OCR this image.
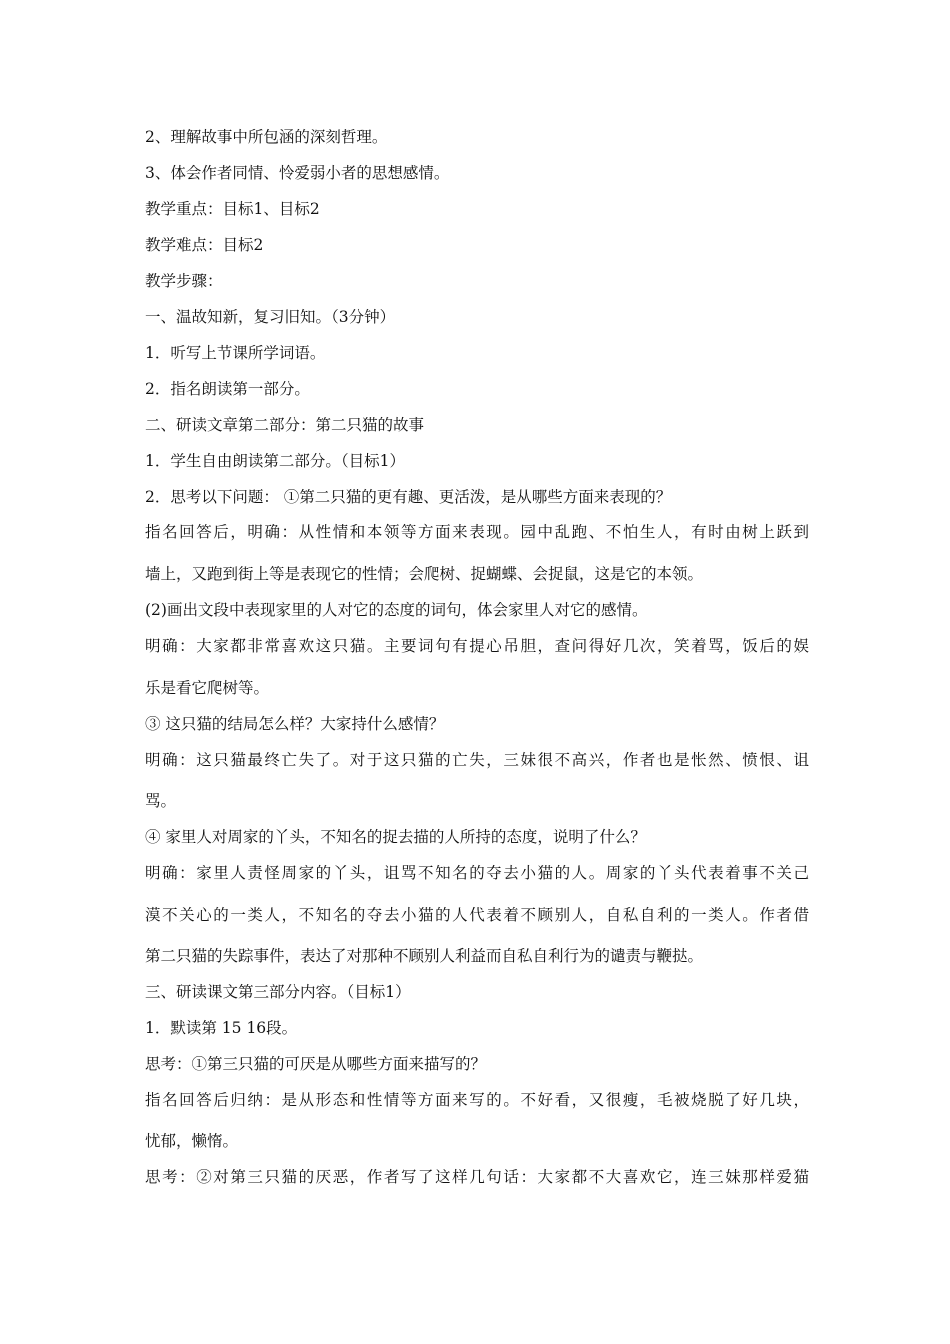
2、理解故事中所包涵的深刻哲理。
3、体会作者同情、怜爱弱小者的思想感情。
教学重点：目标1、目标2
教学难点：目标2
教学步骤：
一、温故知新，复习旧知。（3分钟）
1．听写上节课所学词语。
2．指名朗读第一部分。
二、研读文章第二部分：第二只猫的故事
1．学生自由朗读第二部分。（目标1）
2．思考以下问题： ①第二只猫的更有趣、更活泼，是从哪些方面来表现的？
指名回答后，明确：从性情和本领等方面来表现。园中乱跑、不怕生人，有时由树上跃到
墙上，又跑到街上等是表现它的性情；会爬树、捉蝴蝶、会捉鼠，这是它的本领。
(2)画出文段中表现家里的人对它的态度的词句，体会家里人对它的感情。
明确：大家都非常喜欢这只猫。主要词句有提心吊胆，查问得好几次，笑着骂，饭后的娱
乐是看它爬树等。
③ 这只猫的结局怎么样？大家持什么感情？
明确：这只猫最终亡失了。对于这只猫的亡失，三妹很不高兴，作者也是怅然、愤恨、诅
骂。
④ 家里人对周家的丫头，不知名的捉去描的人所持的态度，说明了什么？
明确：家里人责怪周家的丫头，诅骂不知名的夺去小猫的人。周家的丫头代表着事不关己
漠不关心的一类人，不知名的夺去小猫的人代表着不顾别人，自私自利的一类人。作者借
第二只猫的失踪事件，表达了对那种不顾别人利益而自私自利行为的谴责与鞭挞。
三、研读课文第三部分内容。（目标1）
1．默读第 15 16段。
思考：①第三只猫的可厌是从哪些方面来描写的？
指名回答后归纳：是从形态和性情等方面来写的。不好看，又很瘦，毛被烧脱了好几块，
忧郁，懒惰。
思考：②对第三只猫的厌恶，作者写了这样几句话：大家都不大喜欢它，连三妹那样爱猫
